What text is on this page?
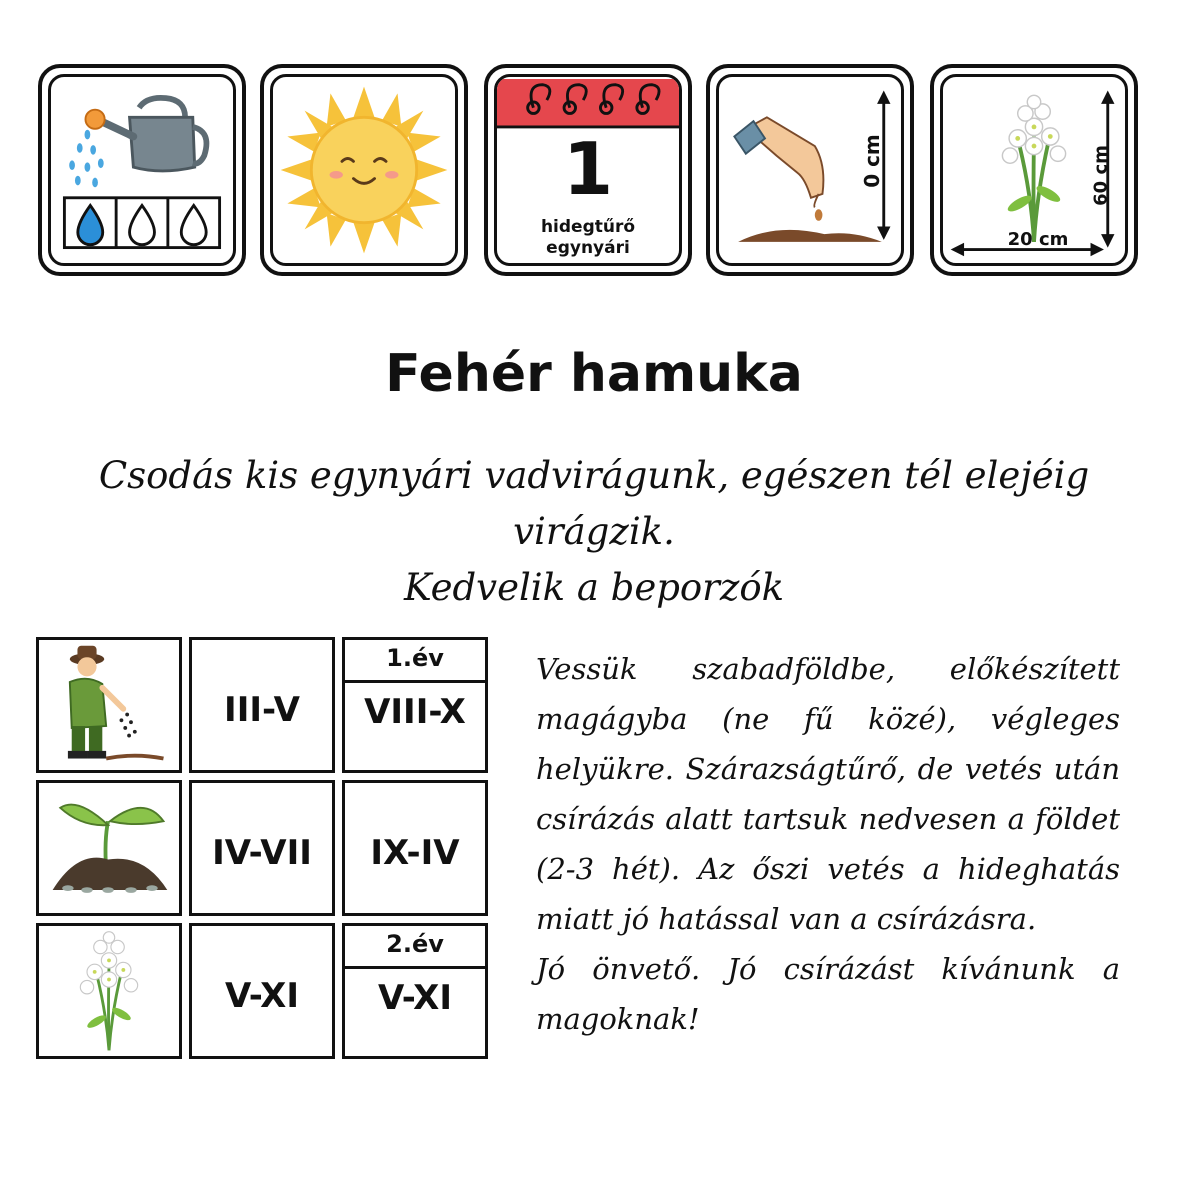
1
hidegtűrő
egynyári
0 cm	60 cm
20 cm
Fehér hamuka
Csodás kis egynyári vadvirágunk, egészen tél elejéig virágzik.
Kedvelik a beporzók
III-V
1.év
VIII-X
IV-VII	IX-IV
V-XI
2.év
V-XI

Vessük szabadföldbe, előkészített magágyba (ne fű közé), végleges helyükre. Szárazságtűrő, de vetés után csírázás alatt tartsuk nedvesen a földet (2-3 hét). Az őszi vetés a hideghatás miatt jó hatással van a csírázásra.

Jó önvető. Jó csírázást kívánunk a magoknak!
